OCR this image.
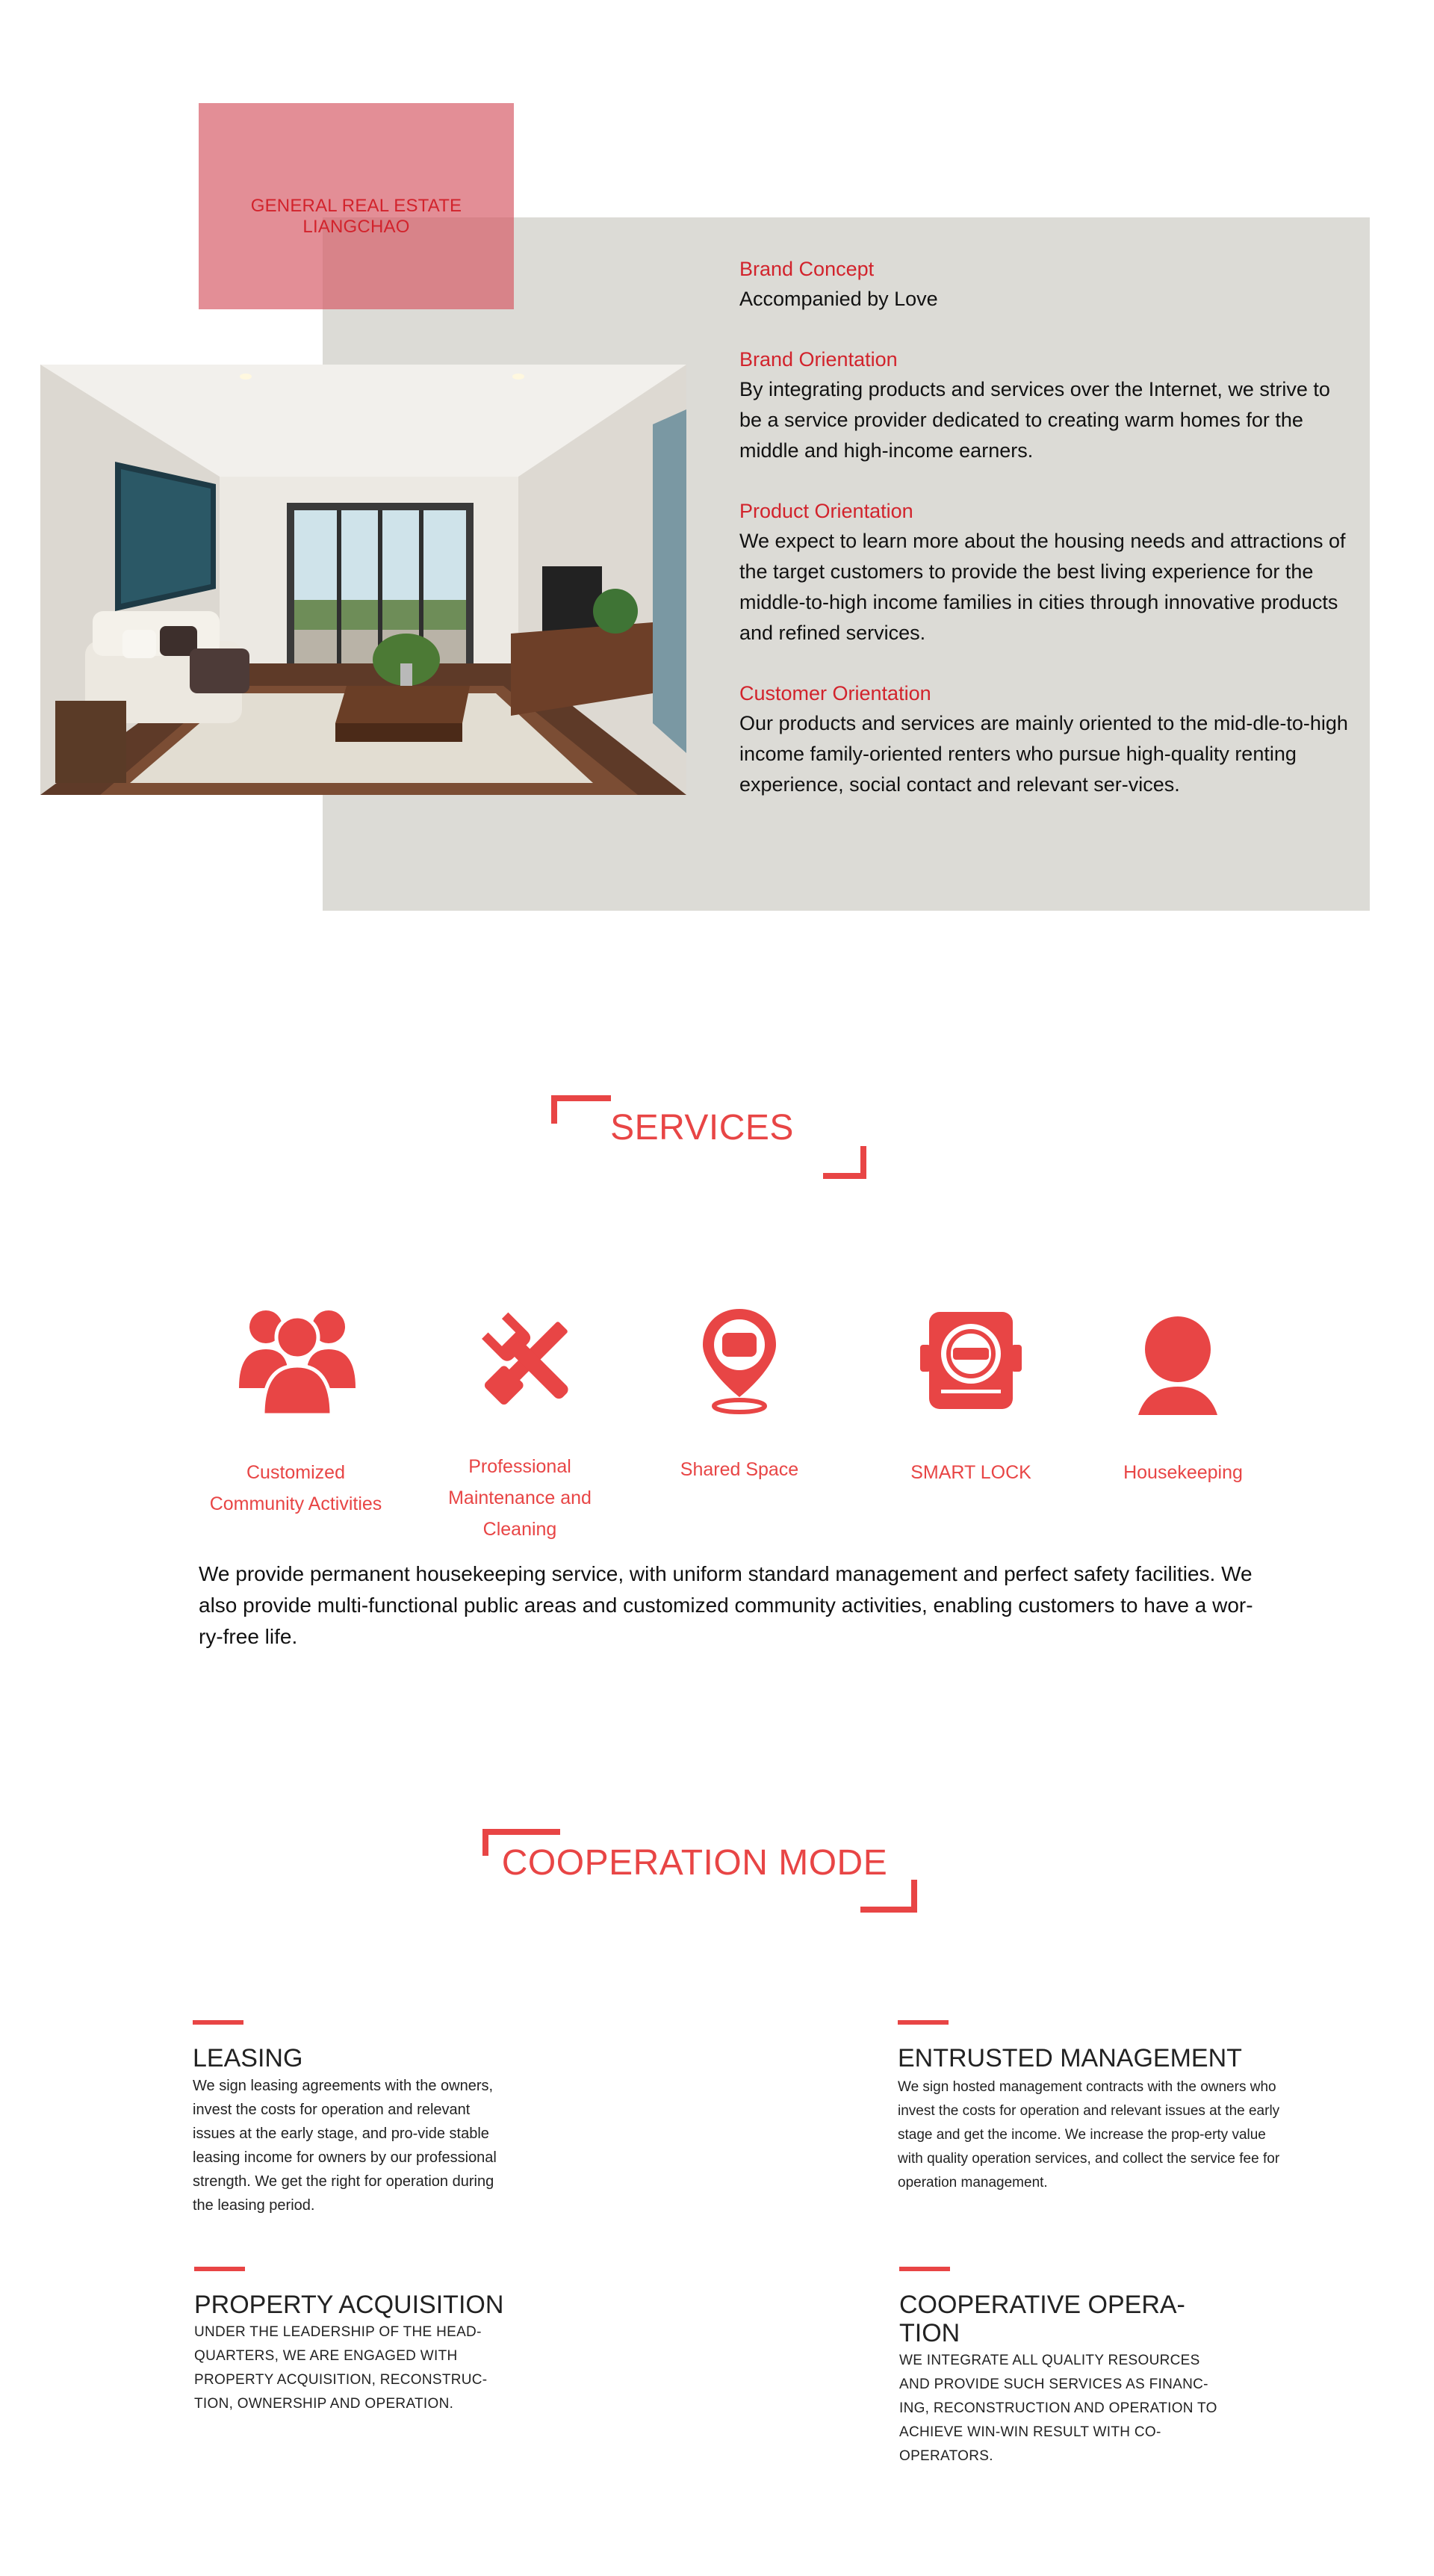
GENERAL REAL ESTATE LIANGCHAO
Brand Concept
Accompanied by Love
Brand Orientation
By integrating products and services over the Internet, we strive to be a service provider dedicated to creating warm homes for the middle and high-income earners.
Product Orientation
We expect to learn more about the housing needs and attractions of the target customers to provide the best living experience for the middle-to-high income families in cities through innovative products and refined services.
Customer Orientation
Our products and services are mainly oriented to the mid-dle-to-high income family-oriented renters who pursue high-quality renting experience, social contact and relevant ser-vices.
SERVICES
Customized Community Activities
Professional Maintenance and Cleaning
Shared Space	SMART LOCK	Housekeeping
We provide permanent housekeeping service, with uniform standard management and perfect safety facilities. We also provide multi-functional public areas and customized community activities, enabling customers to have a wor-ry-free life.
COOPERATION MODE
LEASING
We sign leasing agreements with the owners, invest the costs for operation and relevant issues at the early stage, and pro-vide stable leasing income for owners by our professional strength. We get the right for operation during the leasing period.
ENTRUSTED MANAGEMENT
We sign hosted management contracts with the owners who invest the costs for operation and relevant issues at the early stage and get the income. We increase the prop-erty value with quality operation services, and collect the service fee for operation management.
PROPERTY ACQUISITION
UNDER THE LEADERSHIP OF THE HEAD-QUARTERS, WE ARE ENGAGED WITH PROPERTY ACQUISITION, RECONSTRUC-TION, OWNERSHIP AND OPERATION.
COOPERATIVE OPERA-TION
WE INTEGRATE ALL QUALITY RESOURCES AND PROVIDE SUCH SERVICES AS FINANC-ING, RECONSTRUCTION AND OPERATION TO ACHIEVE WIN-WIN RESULT WITH CO-OPERATORS.
